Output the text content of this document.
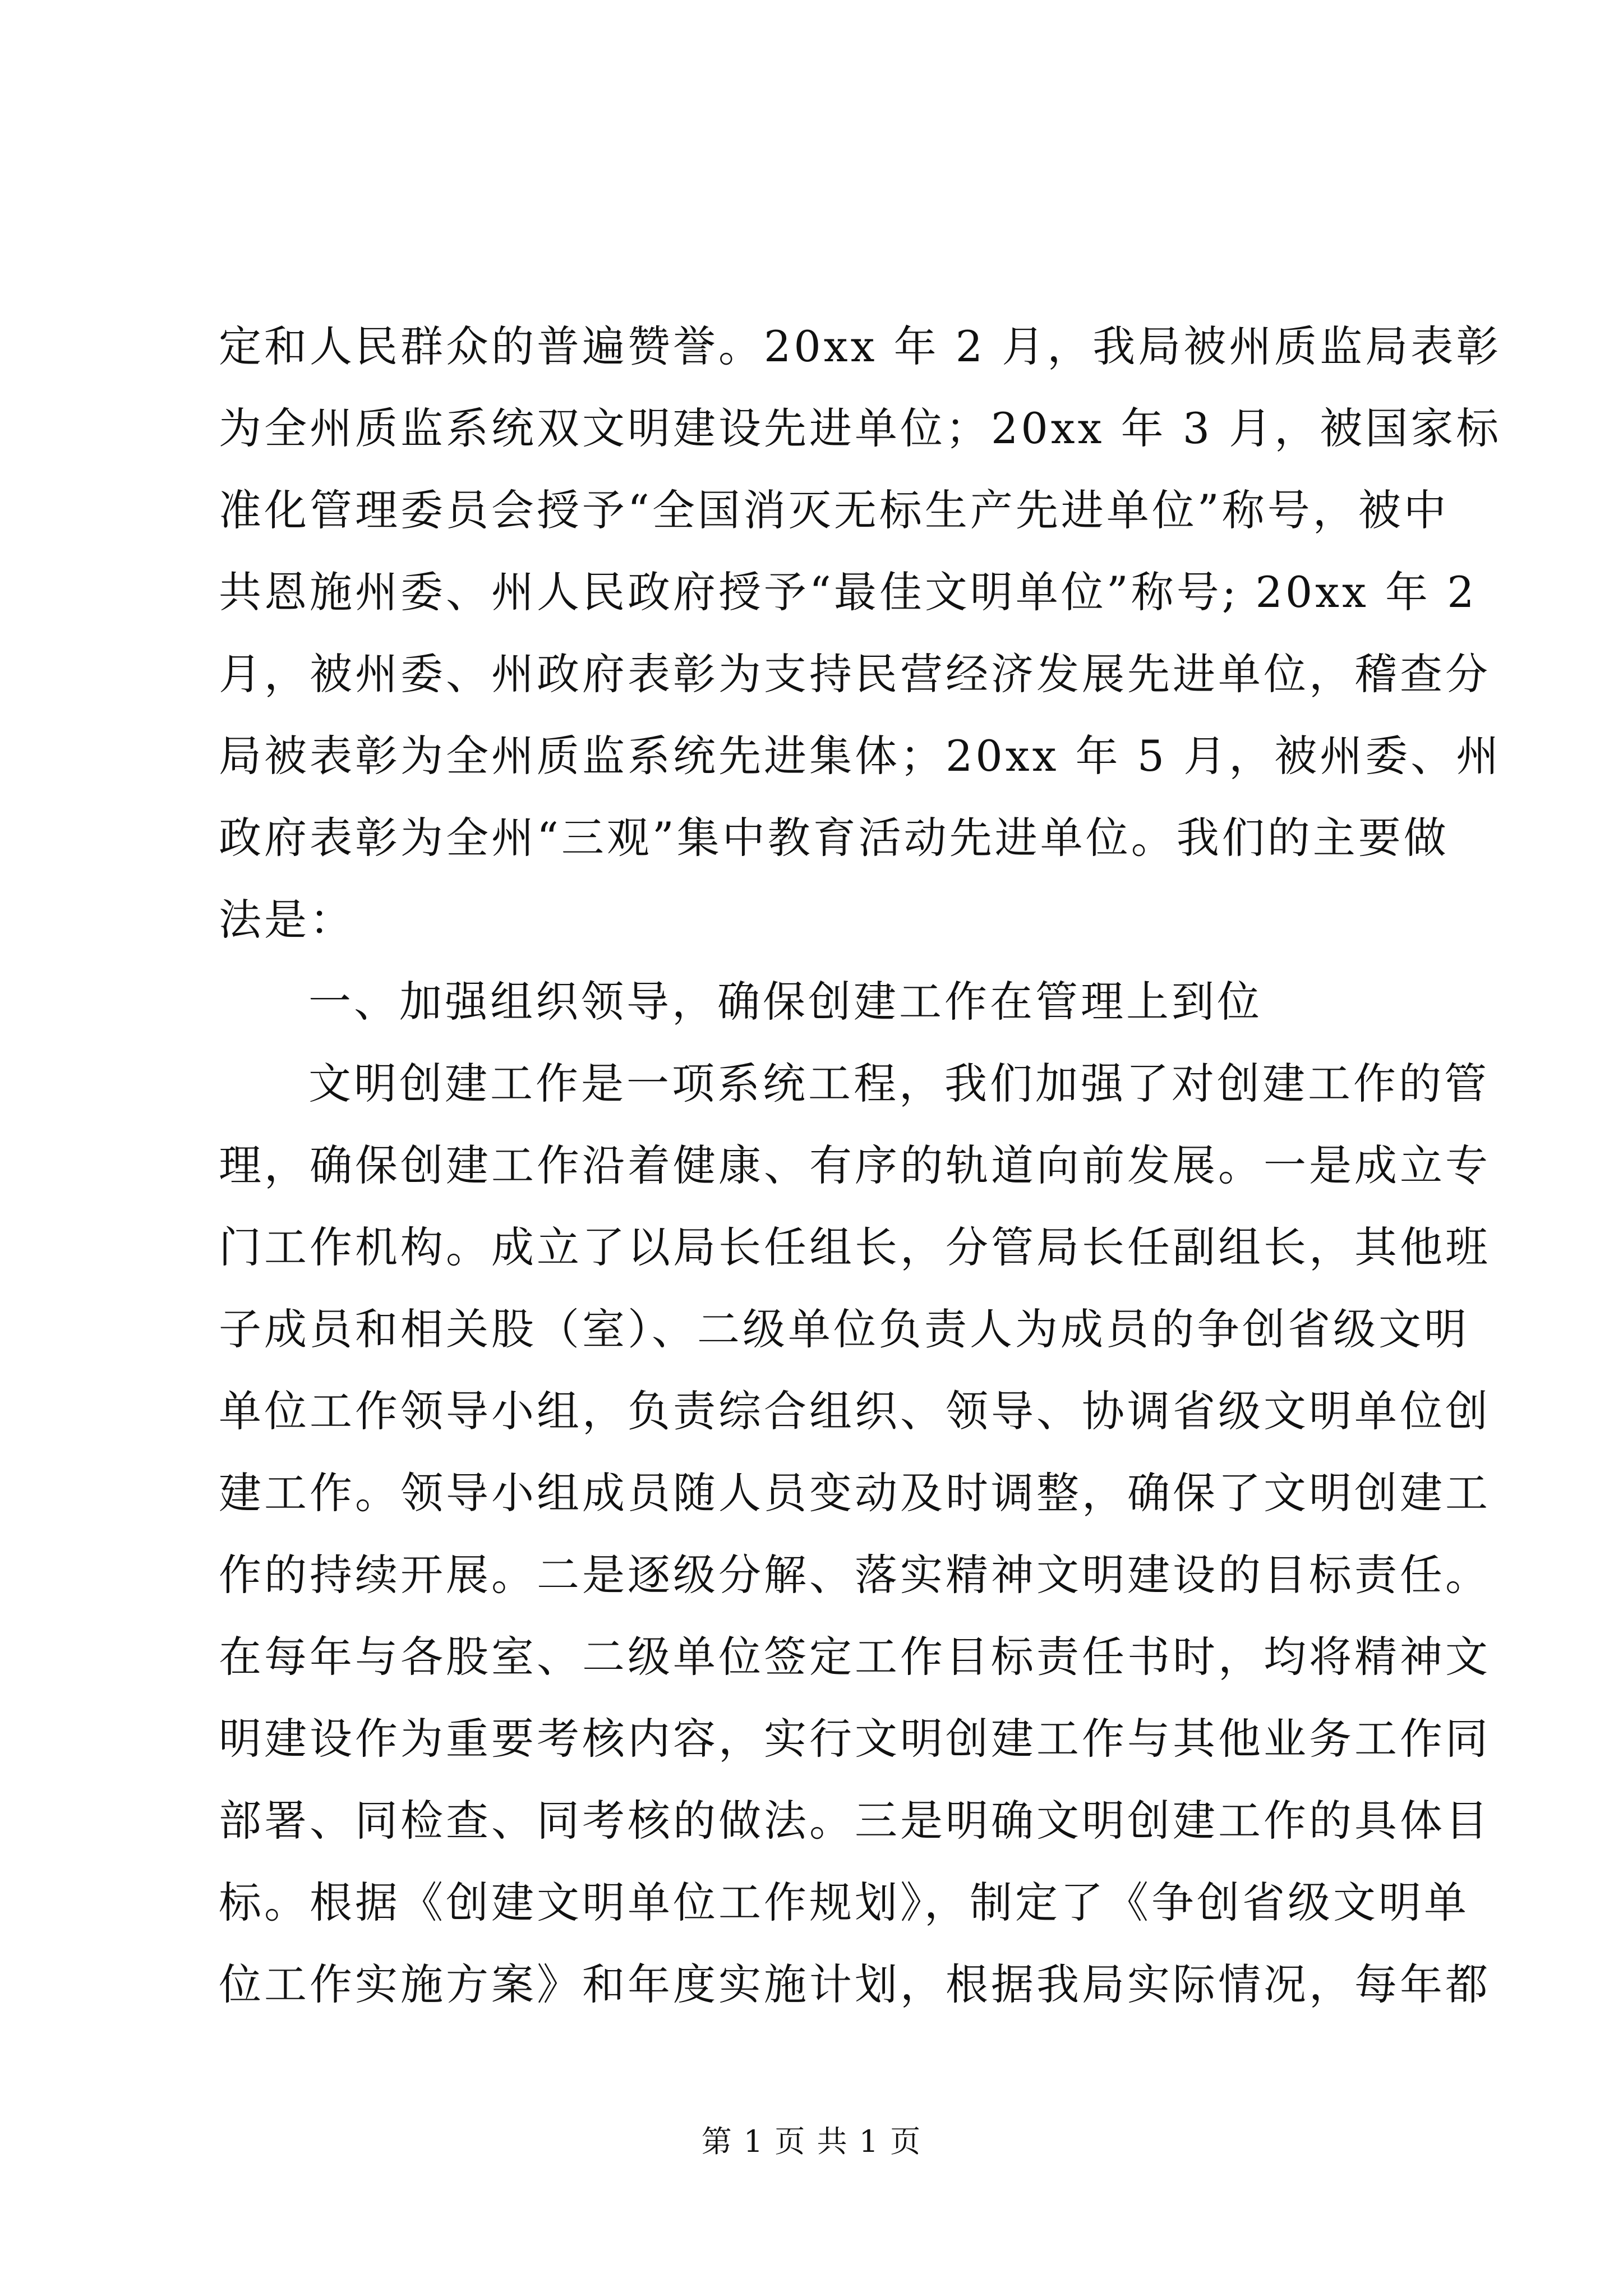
定和人民群众的普遍赞誉。20xx 年 2 月，我局被州质监局表彰
为全州质监系统双文明建设先进单位；20xx 年 3 月，被国家标
准化管理委员会授予“全国消灭无标生产先进单位”称号，被中
共恩施州委、州人民政府授予“最佳文明单位”称号; 20xx 年 2
月，被州委、州政府表彰为支持民营经济发展先进单位，稽查分
局被表彰为全州质监系统先进集体；20xx 年 5 月，被州委、州
政府表彰为全州“三观”集中教育活动先进单位。我们的主要做
法是：
一、加强组织领导，确保创建工作在管理上到位
文明创建工作是一项系统工程，我们加强了对创建工作的管
理，确保创建工作沿着健康、有序的轨道向前发展。一是成立专
门工作机构。成立了以局长任组长，分管局长任副组长，其他班
子成员和相关股（室）、二级单位负责人为成员的争创省级文明
单位工作领导小组，负责综合组织、领导、协调省级文明单位创
建工作。领导小组成员随人员变动及时调整，确保了文明创建工
作的持续开展。二是逐级分解、落实精神文明建设的目标责任。
在每年与各股室、二级单位签定工作目标责任书时，均将精神文
明建设作为重要考核内容，实行文明创建工作与其他业务工作同
部署、同检查、同考核的做法。三是明确文明创建工作的具体目
标。根据《创建文明单位工作规划》，制定了《争创省级文明单
位工作实施方案》和年度实施计划，根据我局实际情况，每年都
第 1 页 共 1 页
